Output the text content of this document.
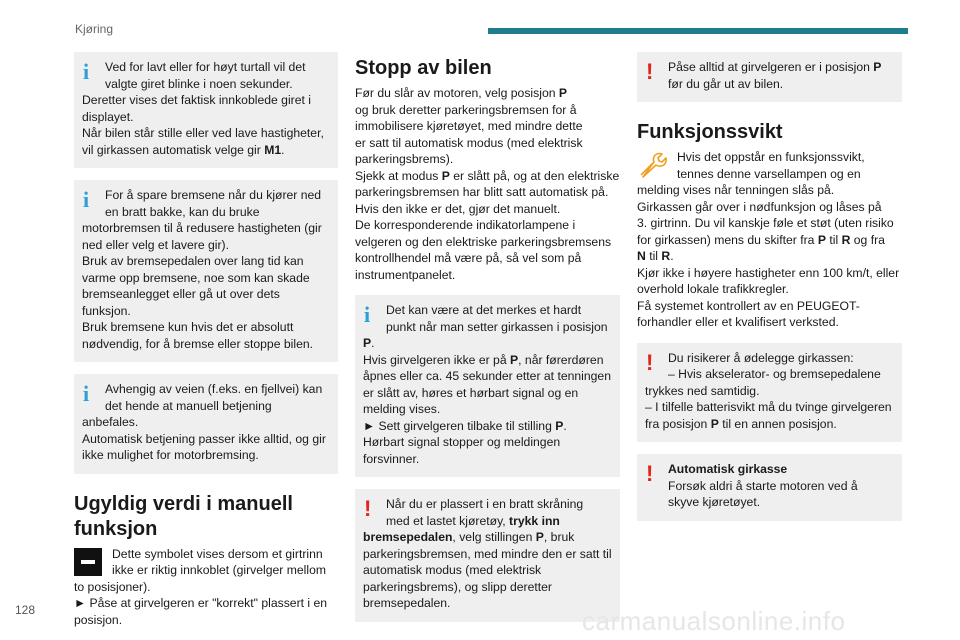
Kjøring
i	Ved for lavt eller for høyt turtall vil det
valgte giret blinke i noen sekunder.
Deretter vises det faktisk innkoblede giret i
displayet.
Når bilen står stille eller ved lave hastigheter,
vil girkassen automatisk velge gir M1.
i	For å spare bremsene når du kjører ned
en bratt bakke, kan du bruke
motorbremsen til å redusere hastigheten (gir
ned eller velg et lavere gir).
Bruk av bremsepedalen over lang tid kan
varme opp bremsene, noe som kan skade
bremseanlegget eller gå ut over dets
funksjon.
Bruk bremsene kun hvis det er absolutt
nødvendig, for å bremse eller stoppe bilen.
i	Avhengig av veien (f.eks. en fjellvei) kan
det hende at manuell betjening
anbefales.
Automatisk betjening passer ikke alltid, og gir
ikke mulighet for motorbremsing.
Ugyldig verdi i manuell
funksjon
Dette symbolet vises dersom et girtrinn
ikke er riktig innkoblet (girvelger mellom
to posisjoner).
► Påse at girvelgeren er "korrekt" plassert i en
posisjon.
Stopp av bilen
Før du slår av motoren, velg posisjon P
og bruk deretter parkeringsbremsen for å
immobilisere kjøretøyet, med mindre dette
er satt til automatisk modus (med elektrisk
parkeringsbrems).
Sjekk at modus P er slått på, og at den elektriske
parkeringsbremsen har blitt satt automatisk på.
Hvis den ikke er det, gjør det manuelt.
De korresponderende indikatorlampene i
velgeren og den elektriske parkeringsbremsens
kontrollhendel må være på, så vel som på
instrumentpanelet.
i	Det kan være at det merkes et hardt
punkt når man setter girkassen i posisjon
P.
Hvis girvelgeren ikke er på P, når førerdøren
åpnes eller ca. 45 sekunder etter at tenningen
er slått av, høres et hørbart signal og en
melding vises.
► Sett girvelgeren tilbake til stilling P.
Hørbart signal stopper og meldingen
forsvinner.
!	Når du er plassert i en bratt skråning
med et lastet kjøretøy, trykk inn
bremsepedalen, velg stillingen P, bruk
parkeringsbremsen, med mindre den er satt til
automatisk modus (med elektrisk
parkeringsbrems), og slipp deretter
bremsepedalen.
!	Påse alltid at girvelgeren er i posisjon P
før du går ut av bilen.
Funksjonssvikt
Hvis det oppstår en funksjonssvikt,
tennes denne varsellampen og en
melding vises når tenningen slås på.
Girkassen går over i nødfunksjon og låses på
3. girtrinn. Du vil kanskje føle et støt (uten risiko
for girkassen) mens du skifter fra P til R og fra
N til R.
Kjør ikke i høyere hastigheter enn 100 km/t, eller
overhold lokale trafikkregler.
Få systemet kontrollert av en PEUGEOT-
forhandler eller et kvalifisert verksted.
!	Du risikerer å ødelegge girkassen:
– Hvis akselerator- og bremsepedalene
trykkes ned samtidig.
– I tilfelle batterisvikt må du tvinge girvelgeren
fra posisjon P til en annen posisjon.
!	Automatisk girkasse
Forsøk aldri å starte motoren ved å
skyve kjøretøyet.
128	carmanualsonline.info
